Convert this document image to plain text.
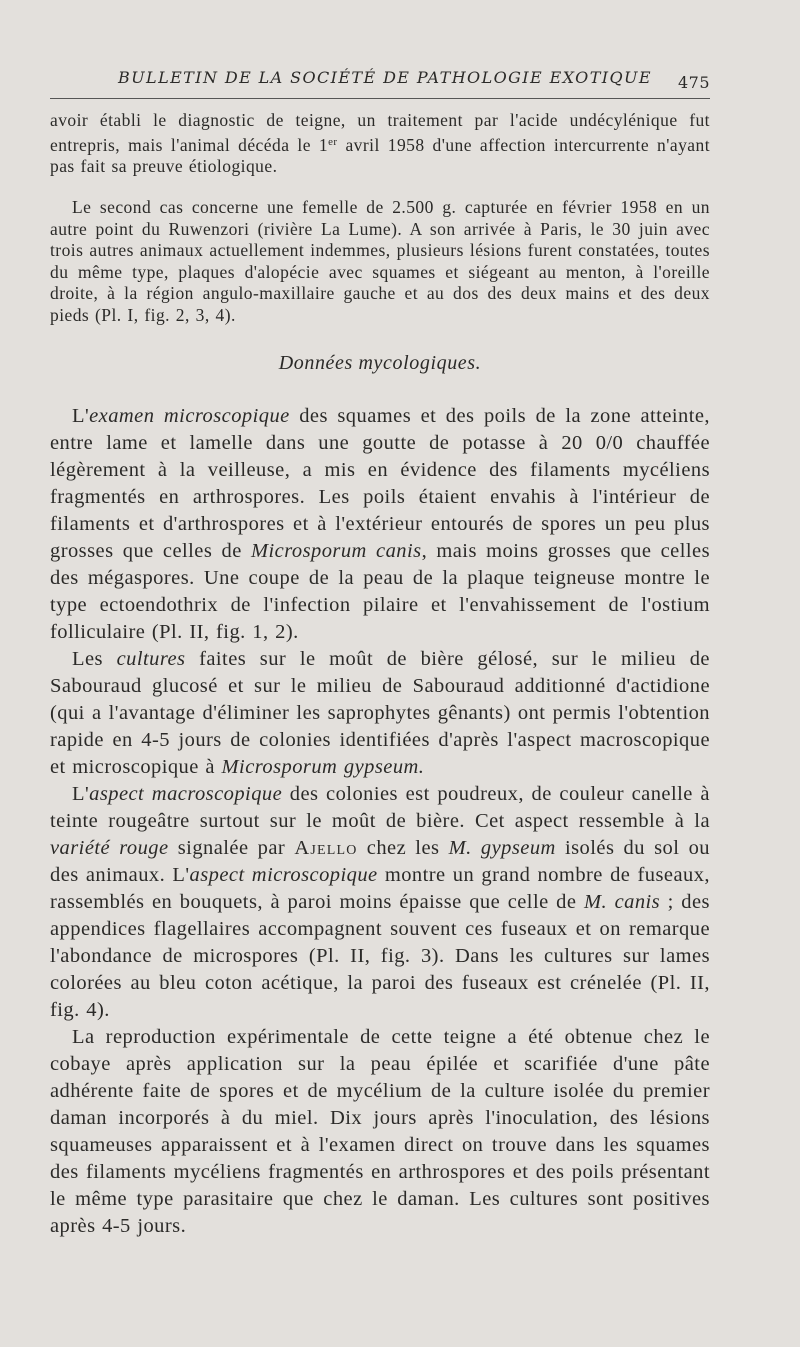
BULLETIN DE LA SOCIÉTÉ DE PATHOLOGIE EXOTIQUE 475

avoir établi le diagnostic de teigne, un traitement par l'acide undécylénique fut entrepris, mais l'animal décéda le 1er avril 1958 d'une affection intercurrente n'ayant pas fait sa preuve étiologique.

Le second cas concerne une femelle de 2.500 g. capturée en février 1958 en un autre point du Ruwenzori (rivière La Lume). A son arrivée à Paris, le 30 juin avec trois autres animaux actuellement indemmes, plusieurs lésions furent constatées, toutes du même type, plaques d'alopécie avec squames et siégeant au menton, à l'oreille droite, à la région angulo-maxillaire gauche et au dos des deux mains et des deux pieds (Pl. I, fig. 2, 3, 4).

Données mycologiques.

L'examen microscopique des squames et des poils de la zone atteinte, entre lame et lamelle dans une goutte de potasse à 20 0/0 chauffée légèrement à la veilleuse, a mis en évidence des filaments mycéliens fragmentés en arthrospores. Les poils étaient envahis à l'intérieur de filaments et d'arthrospores et à l'extérieur entourés de spores un peu plus grosses que celles de Microsporum canis, mais moins grosses que celles des mégaspores. Une coupe de la peau de la plaque teigneuse montre le type ectoendothrix de l'infection pilaire et l'envahissement de l'ostium folliculaire (Pl. II, fig. 1, 2).

Les cultures faites sur le moût de bière gélosé, sur le milieu de Sabouraud glucosé et sur le milieu de Sabouraud additionné d'actidione (qui a l'avantage d'éliminer les saprophytes gênants) ont permis l'obtention rapide en 4-5 jours de colonies identifiées d'après l'aspect macroscopique et microscopique à Microsporum gypseum.

L'aspect macroscopique des colonies est poudreux, de couleur canelle à teinte rougeâtre surtout sur le moût de bière. Cet aspect ressemble à la variété rouge signalée par Ajello chez les M. gypseum isolés du sol ou des animaux. L'aspect microscopique montre un grand nombre de fuseaux, rassemblés en bouquets, à paroi moins épaisse que celle de M. canis ; des appendices flagellaires accompagnent souvent ces fuseaux et on remarque l'abondance de microspores (Pl. II, fig. 3). Dans les cultures sur lames colorées au bleu coton acétique, la paroi des fuseaux est crénelée (Pl. II, fig. 4).

La reproduction expérimentale de cette teigne a été obtenue chez le cobaye après application sur la peau épilée et scarifiée d'une pâte adhérente faite de spores et de mycélium de la culture isolée du premier daman incorporés à du miel. Dix jours après l'inoculation, des lésions squameuses apparaissent et à l'examen direct on trouve dans les squames des filaments mycéliens fragmentés en arthrospores et des poils présentant le même type parasitaire que chez le daman. Les cultures sont positives après 4-5 jours.
